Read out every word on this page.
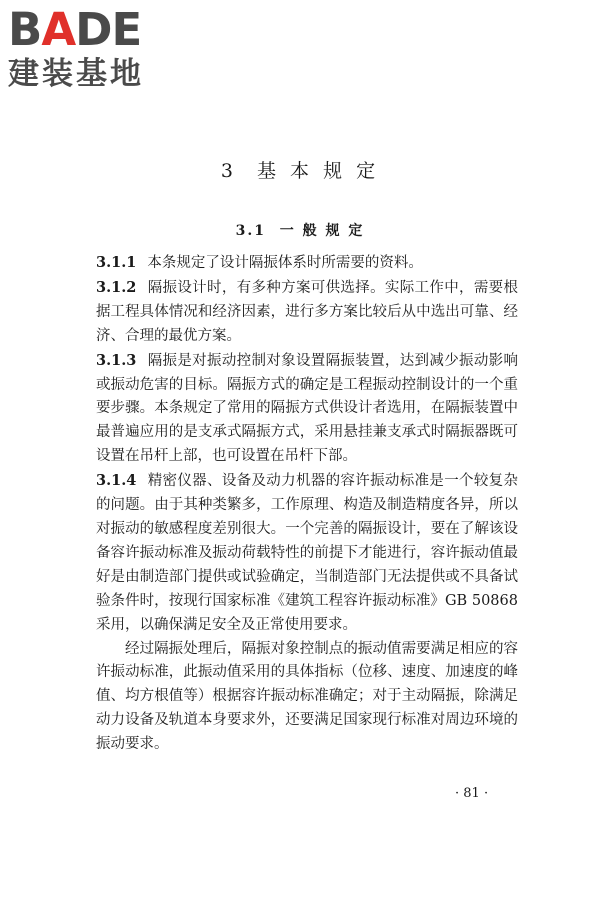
BADE
建装基地
3  基 本 规 定
3.1  一 般 规 定

3.1.1 本条规定了设计隔振体系时所需要的资料。

3.1.2 隔振设计时，有多种方案可供选择。实际工作中，需要根据工程具体情况和经济因素，进行多方案比较后从中选出可靠、经济、合理的最优方案。

3.1.3 隔振是对振动控制对象设置隔振装置，达到减少振动影响或振动危害的目标。隔振方式的确定是工程振动控制设计的一个重要步骤。本条规定了常用的隔振方式供设计者选用，在隔振装置中最普遍应用的是支承式隔振方式，采用悬挂兼支承式时隔振器既可设置在吊杆上部，也可设置在吊杆下部。

3.1.4 精密仪器、设备及动力机器的容许振动标准是一个较复杂的问题。由于其种类繁多，工作原理、构造及制造精度各异，所以对振动的敏感程度差别很大。一个完善的隔振设计，要在了解该设备容许振动标准及振动荷载特性的前提下才能进行，容许振动值最好是由制造部门提供或试验确定，当制造部门无法提供或不具备试验条件时，按现行国家标准《建筑工程容许振动标准》GB 50868 采用，以确保满足安全及正常使用要求。

经过隔振处理后，隔振对象控制点的振动值需要满足相应的容许振动标准，此振动值采用的具体指标（位移、速度、加速度的峰值、均方根值等）根据容许振动标准确定；对于主动隔振，除满足动力设备及轨道本身要求外，还要满足国家现行标准对周边环境的振动要求。

· 81 ·
